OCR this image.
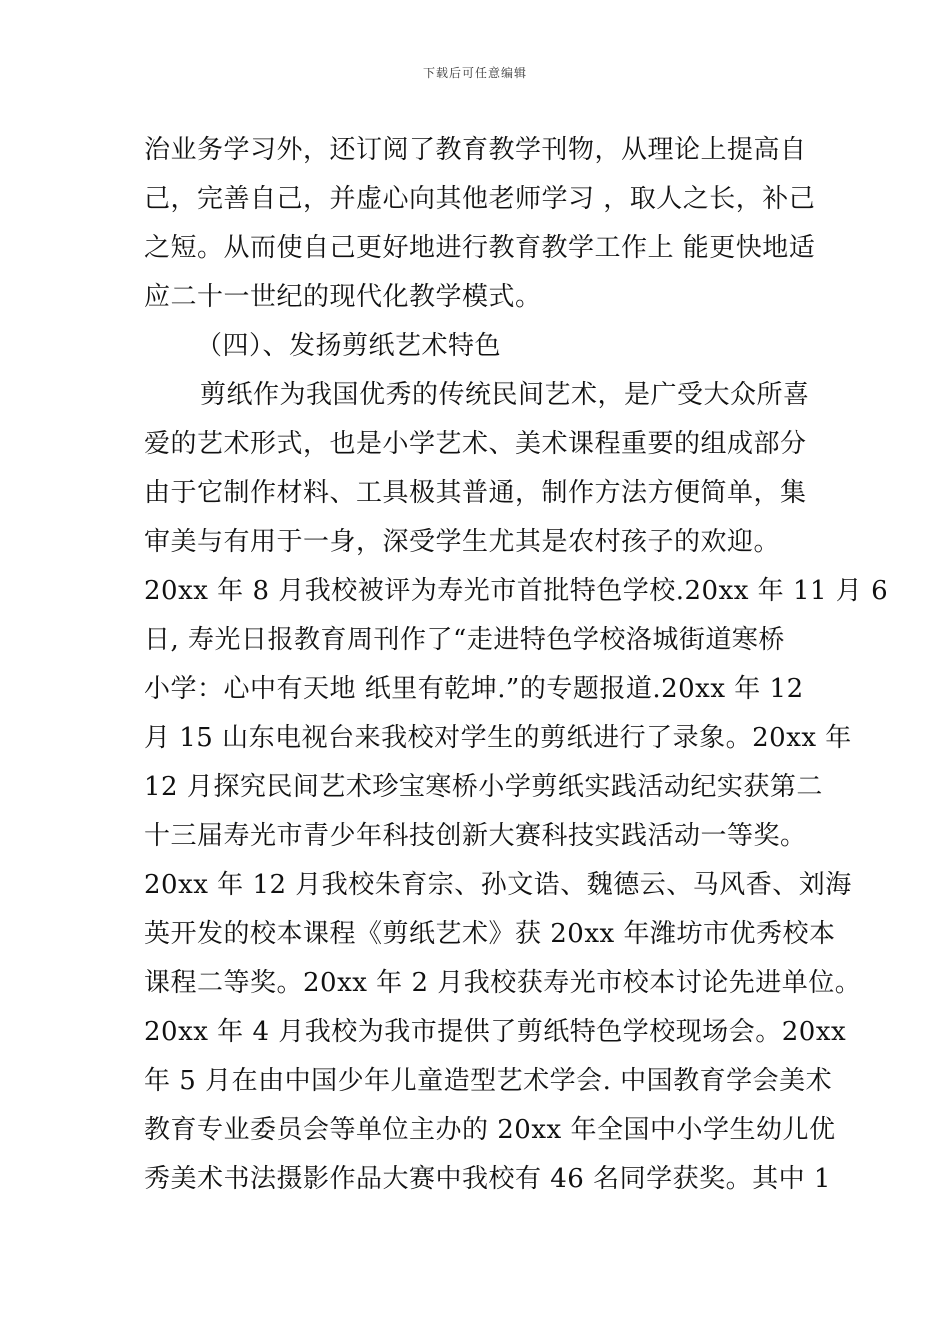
下载后可任意编辑
治业务学习外，还订阅了教育教学刊物，从理论上提高自
己，完善自己，并虚心向其他老师学习 ，取人之长，补己
之短。从而使自己更好地进行教育教学工作上 能更快地适
应二十一世纪的现代化教学模式。
（四）、发扬剪纸艺术特色
剪纸作为我国优秀的传统民间艺术，是广受大众所喜
爱的艺术形式，也是小学艺术、美术课程重要的组成部分
由于它制作材料、工具极其普通，制作方法方便简单，集
审美与有用于一身，深受学生尤其是农村孩子的欢迎。
20xx 年 8 月我校被评为寿光市首批特色学校.20xx 年 11 月 6
日, 寿光日报教育周刊作了“走进特色学校洛城街道寒桥
小学：心中有天地 纸里有乾坤.”的专题报道.20xx 年 12
月 15 山东电视台来我校对学生的剪纸进行了录象。20xx 年
12 月探究民间艺术珍宝寒桥小学剪纸实践活动纪实获第二
十三届寿光市青少年科技创新大赛科技实践活动一等奖。
20xx 年 12 月我校朱育宗、孙文诰、魏德云、马风香、刘海
英开发的校本课程《剪纸艺术》获 20xx 年潍坊市优秀校本
课程二等奖。20xx 年 2 月我校获寿光市校本讨论先进单位。
20xx 年 4 月我校为我市提供了剪纸特色学校现场会。20xx
年 5 月在由中国少年儿童造型艺术学会. 中国教育学会美术
教育专业委员会等单位主办的 20xx 年全国中小学生幼儿优
秀美术书法摄影作品大赛中我校有 46 名同学获奖。其中 1
